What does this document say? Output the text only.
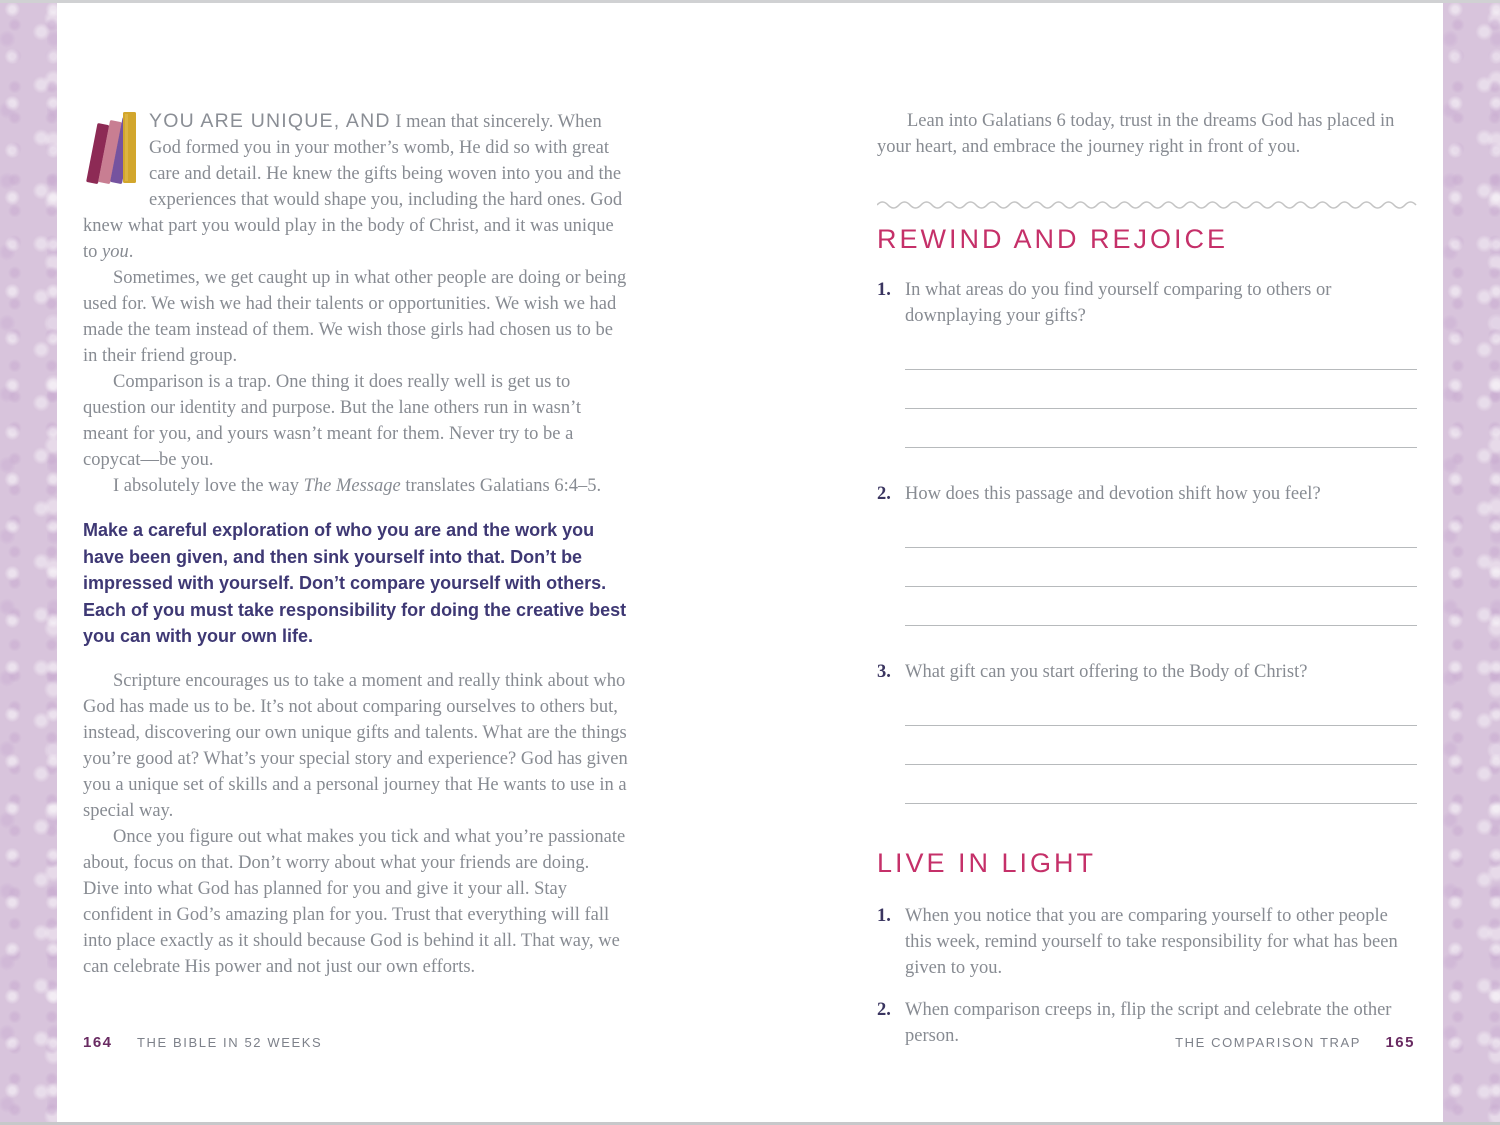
YOU ARE UNIQUE, AND I mean that sincerely. When God formed you in your mother’s womb, He did so with great care and detail. He knew the gifts being woven into you and the experiences that would shape you, including the hard ones. God knew what part you would play in the body of Christ, and it was unique to you.

Sometimes, we get caught up in what other people are doing or being used for. We wish we had their talents or opportunities. We wish we had made the team instead of them. We wish those girls had chosen us to be in their friend group.

Comparison is a trap. One thing it does really well is get us to question our identity and purpose. But the lane others run in wasn’t meant for you, and yours wasn’t meant for them. Never try to be a copycat—be you.

I absolutely love the way The Message translates Galatians 6:4–5.

Make a careful exploration of who you are and the work you have been given, and then sink yourself into that. Don’t be impressed with yourself. Don’t compare yourself with others. Each of you must take responsibility for doing the creative best you can with your own life.

Scripture encourages us to take a moment and really think about who God has made us to be. It’s not about comparing ourselves to others but, instead, discovering our own unique gifts and talents. What are the things you’re good at? What’s your special story and experience? God has given you a unique set of skills and a personal journey that He wants to use in a special way.

Once you figure out what makes you tick and what you’re passionate about, focus on that. Don’t worry about what your friends are doing. Dive into what God has planned for you and give it your all. Stay confident in God’s amazing plan for you. Trust that everything will fall into place exactly as it should because God is behind it all. That way, we can celebrate His power and not just our own efforts.

Lean into Galatians 6 today, trust in the dreams God has placed in your heart, and embrace the journey right in front of you.

REWIND AND REJOICE
1. In what areas do you find yourself comparing to others or downplaying your gifts?
2. How does this passage and devotion shift how you feel?
3. What gift can you start offering to the Body of Christ?
LIVE IN LIGHT
1. When you notice that you are comparing yourself to other people this week, remind yourself to take responsibility for what has been given to you.
2. When comparison creeps in, flip the script and celebrate the other person.
164 THE BIBLE IN 52 WEEKS	THE COMPARISON TRAP 165
